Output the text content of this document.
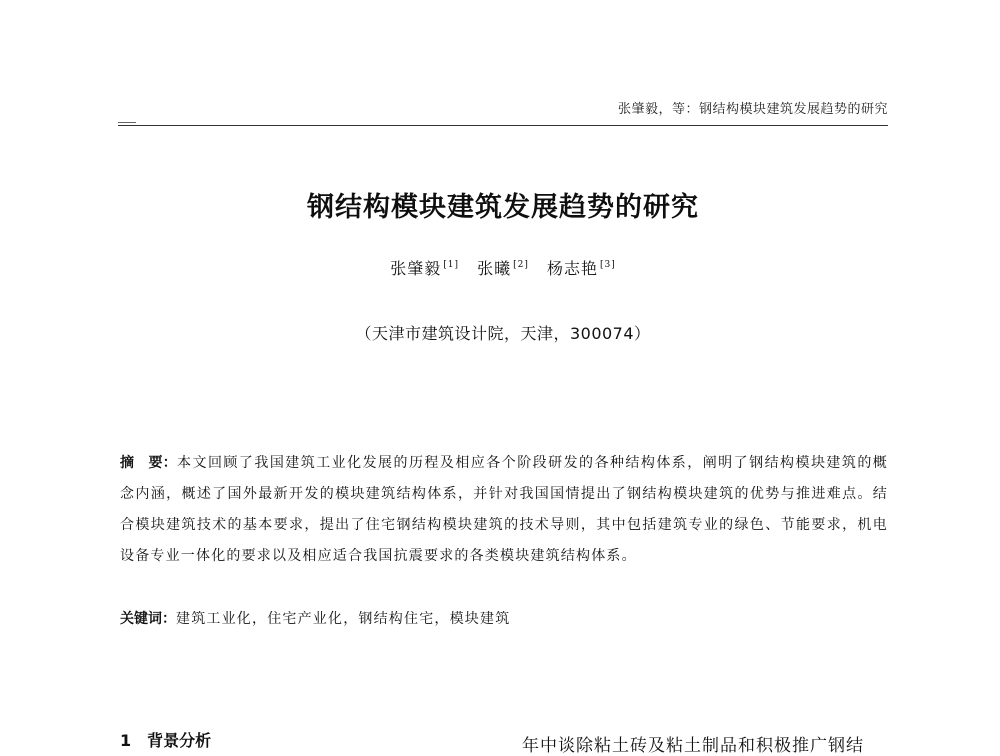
张肇毅，等：钢结构模块建筑发展趋势的研究
钢结构模块建筑发展趋势的研究
张肇毅 [1] 张曦 [2] 杨志艳 [3]
（天津市建筑设计院，天津，300074）
摘　要：本文回顾了我国建筑工业化发展的历程及相应各个阶段研发的各种结构体系，阐明了钢结构模块建筑的概念内涵，概述了国外最新开发的模块建筑结构体系，并针对我国国情提出了钢结构模块建筑的优势与推进难点。结合模块建筑技术的基本要求，提出了住宅钢结构模块建筑的技术导则，其中包括建筑专业的绿色、节能要求，机电设备专业一体化的要求以及相应适合我国抗震要求的各类模块建筑结构体系。
关键词：建筑工业化，住宅产业化，钢结构住宅，模块建筑
1　背景分析	年中谈除粘土砖及粘土制品和积极推广钢结
